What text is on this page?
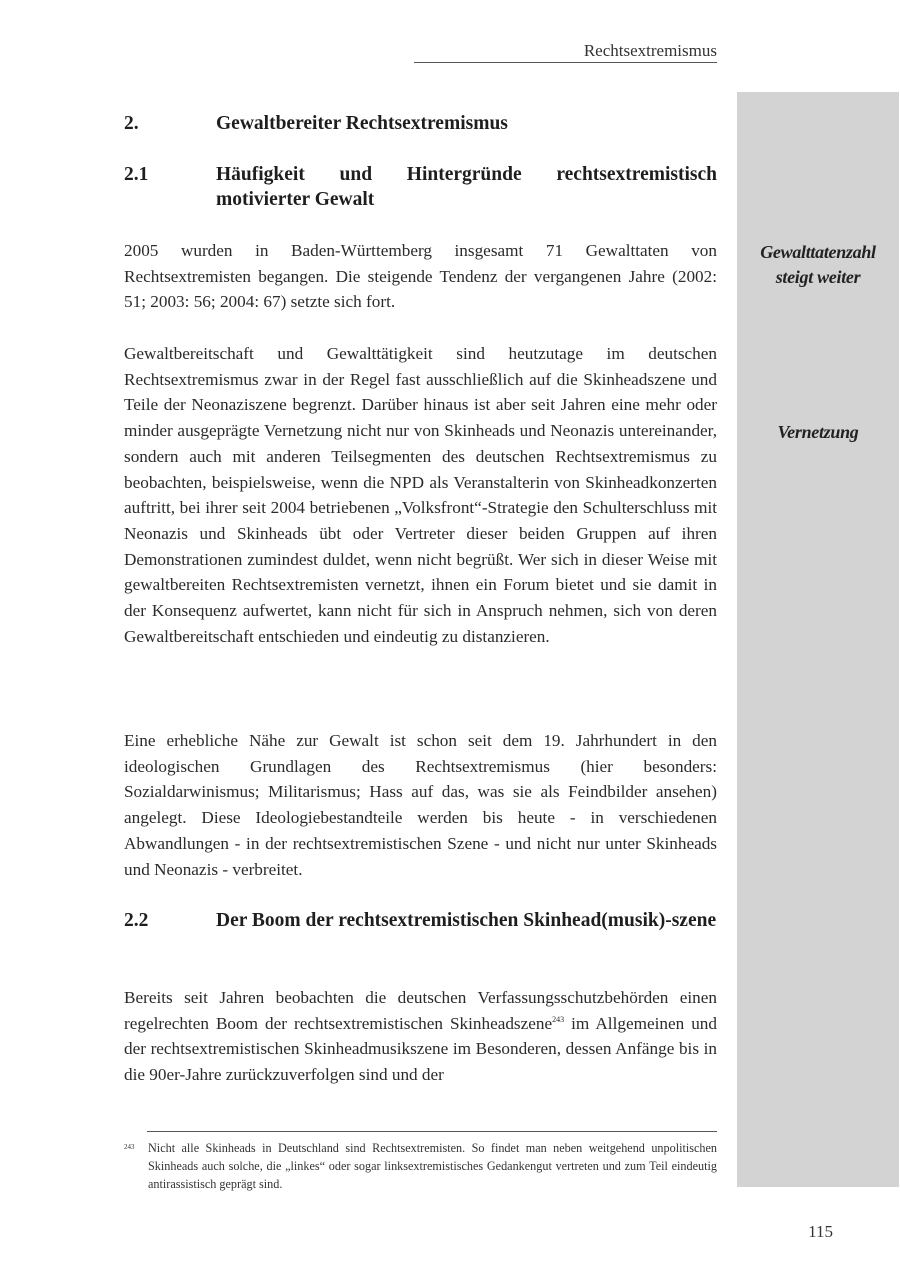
Rechtsextremismus
Gewalttatenzahl
steigt weiter
Vernetzung
2.	Gewaltbereiter Rechtsextremismus
2.1	Häufigkeit und Hintergründe rechtsextremistisch motivierter Gewalt

2005 wurden in Baden-Württemberg insgesamt 71 Gewalttaten von Rechtsextremisten begangen. Die steigende Tendenz der vergangenen Jahre (2002: 51; 2003: 56; 2004: 67) setzte sich fort.

Gewaltbereitschaft und Gewalttätigkeit sind heutzutage im deutschen Rechtsextremismus zwar in der Regel fast ausschließlich auf die Skinheadszene und Teile der Neonaziszene begrenzt. Darüber hinaus ist aber seit Jahren eine mehr oder minder ausgeprägte Vernetzung nicht nur von Skinheads und Neonazis untereinander, sondern auch mit anderen Teilsegmenten des deutschen Rechtsextremismus zu beobachten, beispielsweise, wenn die NPD als Veranstalterin von Skinheadkonzerten auftritt, bei ihrer seit 2004 betriebenen „Volksfront“-Strategie den Schulterschluss mit Neonazis und Skinheads übt oder Vertreter dieser beiden Gruppen auf ihren Demonstrationen zumindest duldet, wenn nicht begrüßt. Wer sich in dieser Weise mit gewaltbereiten Rechtsextremisten vernetzt, ihnen ein Forum bietet und sie damit in der Konsequenz aufwertet, kann nicht für sich in Anspruch nehmen, sich von deren Gewaltbereitschaft entschieden und eindeutig zu distanzieren.

Eine erhebliche Nähe zur Gewalt ist schon seit dem 19. Jahrhundert in den ideologischen Grundlagen des Rechtsextremismus (hier besonders: Sozialdarwinismus; Militarismus; Hass auf das, was sie als Feindbilder ansehen) angelegt. Diese Ideologiebestandteile werden bis heute - in verschiedenen Abwandlungen - in der rechtsextremistischen Szene - und nicht nur unter Skinheads und Neonazis - verbreitet.

2.2	Der Boom der rechtsextremistischen Skinhead(musik)-szene

Bereits seit Jahren beobachten die deutschen Verfassungsschutzbehörden einen regelrechten Boom der rechtsextremistischen Skinheadszene$^{243}$ im Allgemeinen und der rechtsextremistischen Skinheadmusikszene im Besonderen, dessen Anfänge bis in die 90er-Jahre zurückzuverfolgen sind und der

243 Nicht alle Skinheads in Deutschland sind Rechtsextremisten. So findet man neben weitgehend unpolitischen Skinheads auch solche, die „linkes“ oder sogar linksextremistisches Gedankengut vertreten und zum Teil eindeutig antirassistisch geprägt sind.
115
